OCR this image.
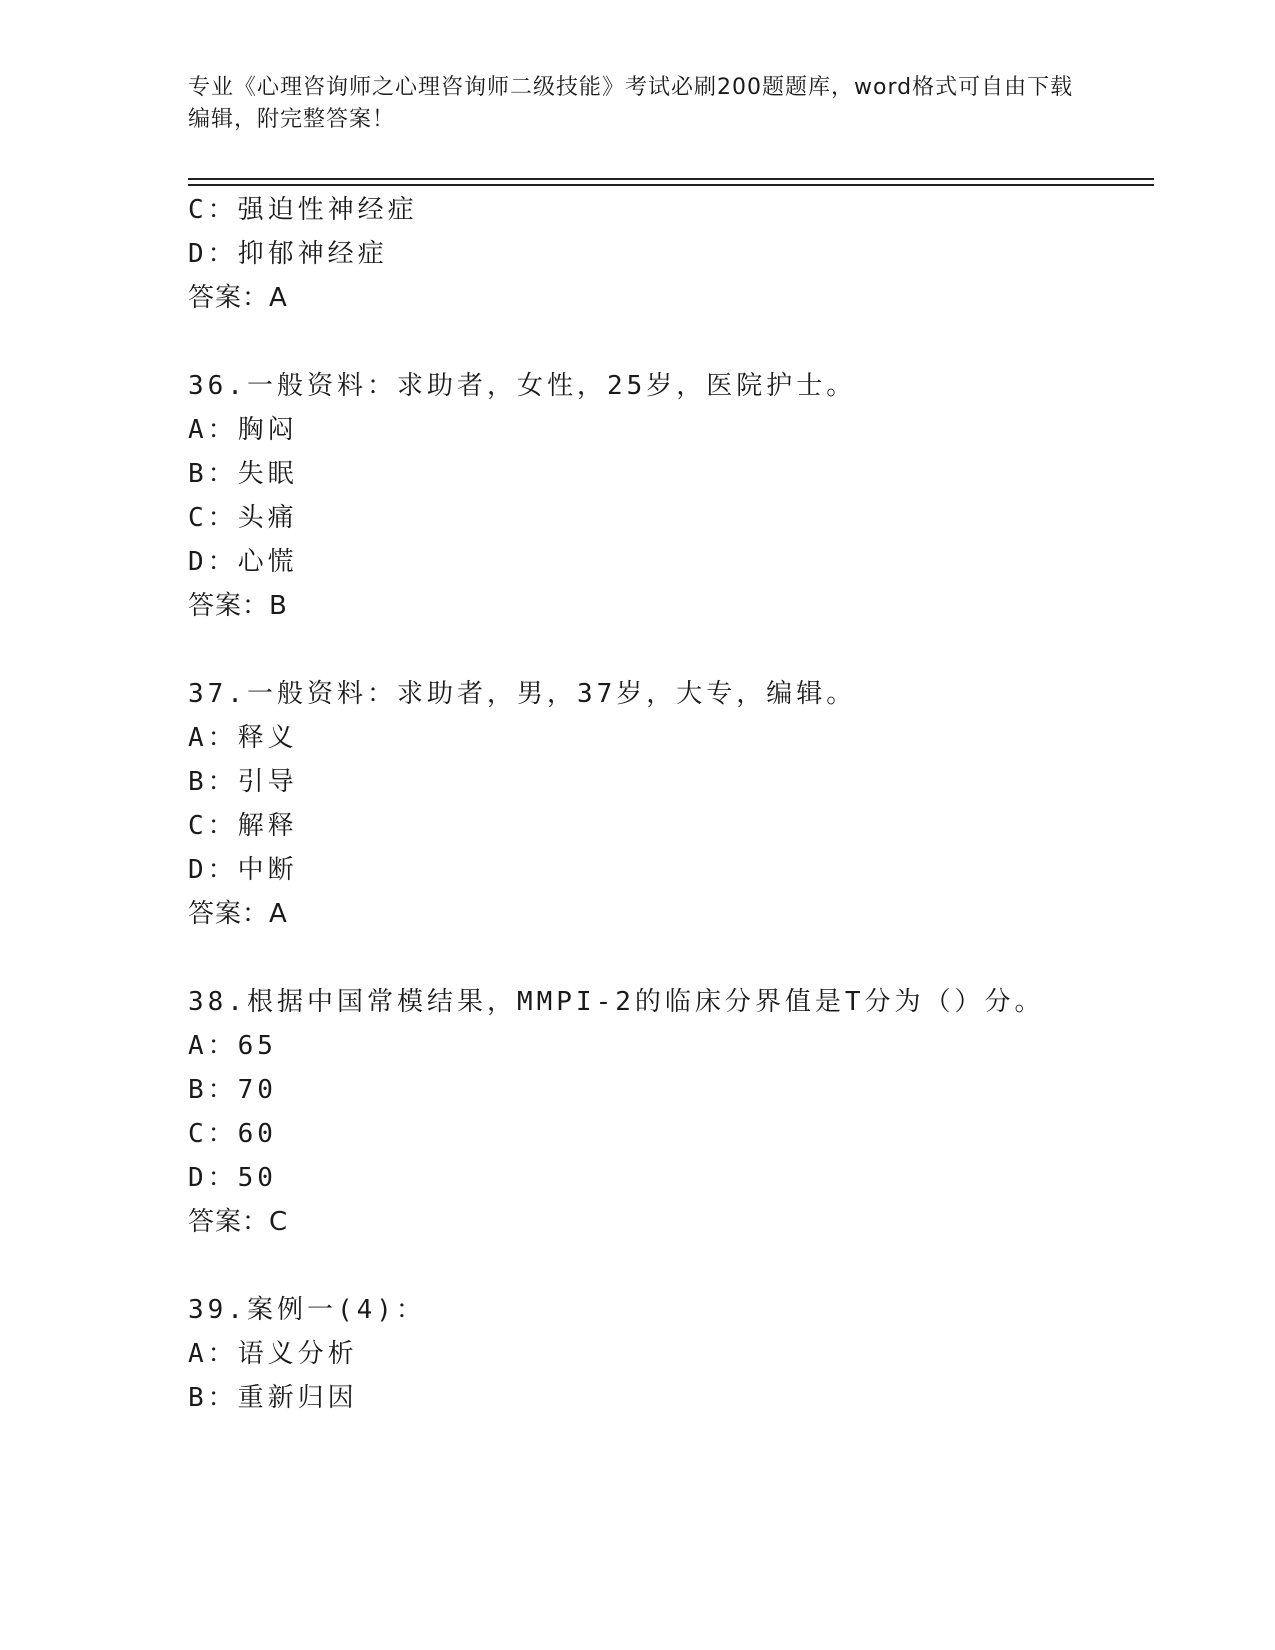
专业《心理咨询师之心理咨询师二级技能》考试必刷200题题库，word格式可自由下载编辑，附完整答案！
C：强迫性神经症
D：抑郁神经症
答案：A
36.一般资料：求助者，女性，25岁，医院护士。
A：胸闷
B：失眠
C：头痛
D：心慌
答案：B
37.一般资料：求助者，男，37岁，大专，编辑。
A：释义
B：引导
C：解释
D：中断
答案：A
38.根据中国常模结果，MMPI-2的临床分界值是T分为（）分。
A：65
B：70
C：60
D：50
答案：C
39.案例一(4)：
A：语义分析
B：重新归因
